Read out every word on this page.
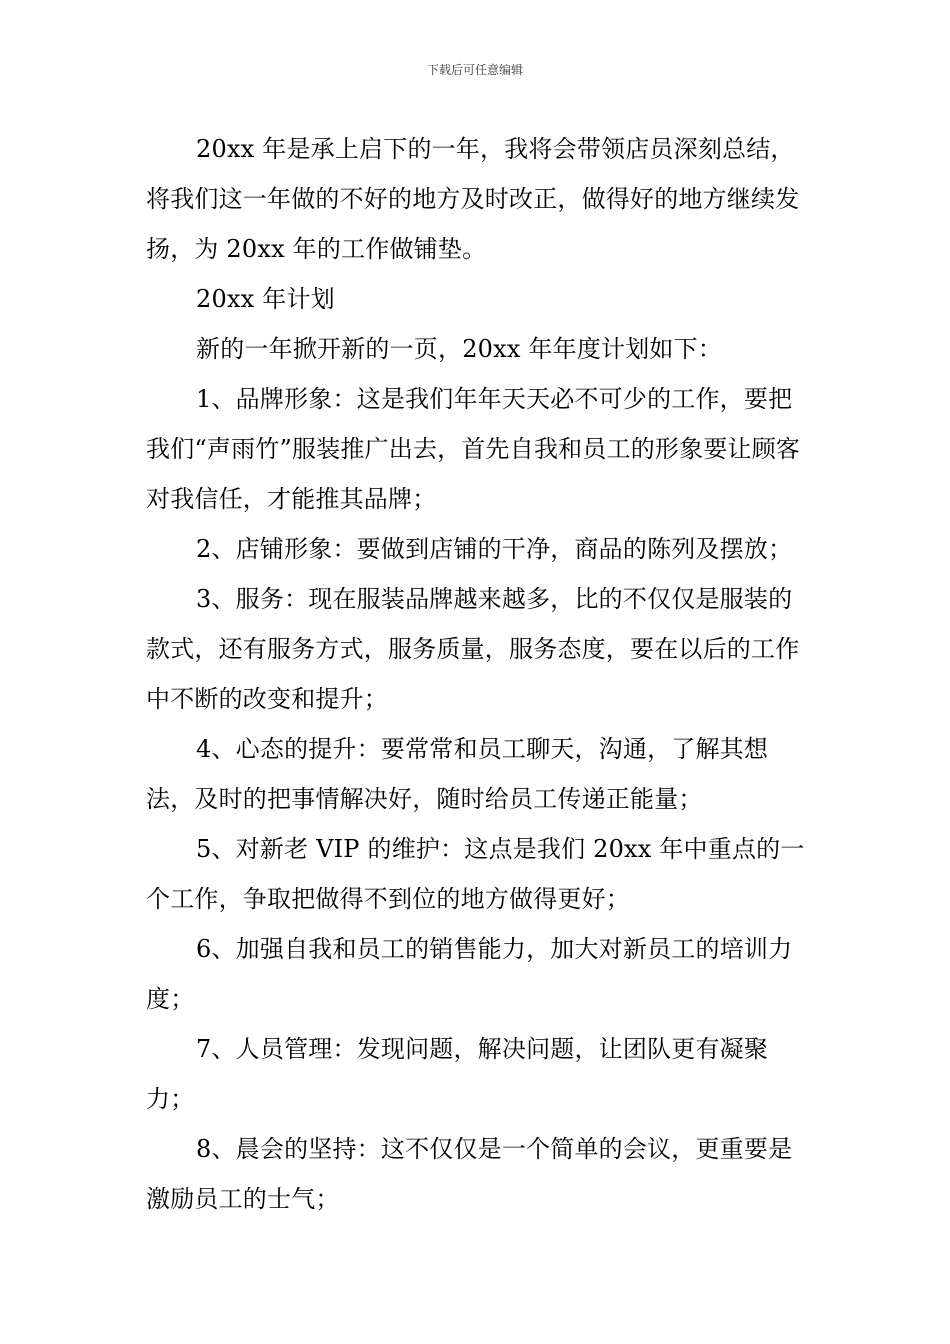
下载后可任意编辑

20xx 年是承上启下的一年，我将会带领店员深刻总结，将我们这一年做的不好的地方及时改正，做得好的地方继续发扬，为 20xx 年的工作做铺垫。

20xx 年计划

新的一年掀开新的一页，20xx 年年度计划如下：

1、品牌形象：这是我们年年天天必不可少的工作，要把我们“声雨竹”服装推广出去，首先自我和员工的形象要让顾客对我信任，才能推其品牌；

2、店铺形象：要做到店铺的干净，商品的陈列及摆放；

3、服务：现在服装品牌越来越多，比的不仅仅是服装的款式，还有服务方式，服务质量，服务态度，要在以后的工作中不断的改变和提升；

4、心态的提升：要常常和员工聊天，沟通，了解其想法，及时的把事情解决好，随时给员工传递正能量；

5、对新老 VIP 的维护：这点是我们 20xx 年中重点的一个工作，争取把做得不到位的地方做得更好；

6、加强自我和员工的销售能力，加大对新员工的培训力度；

7、人员管理：发现问题，解决问题，让团队更有凝聚力；

8、晨会的坚持：这不仅仅是一个简单的会议，更重要是激励员工的士气；
